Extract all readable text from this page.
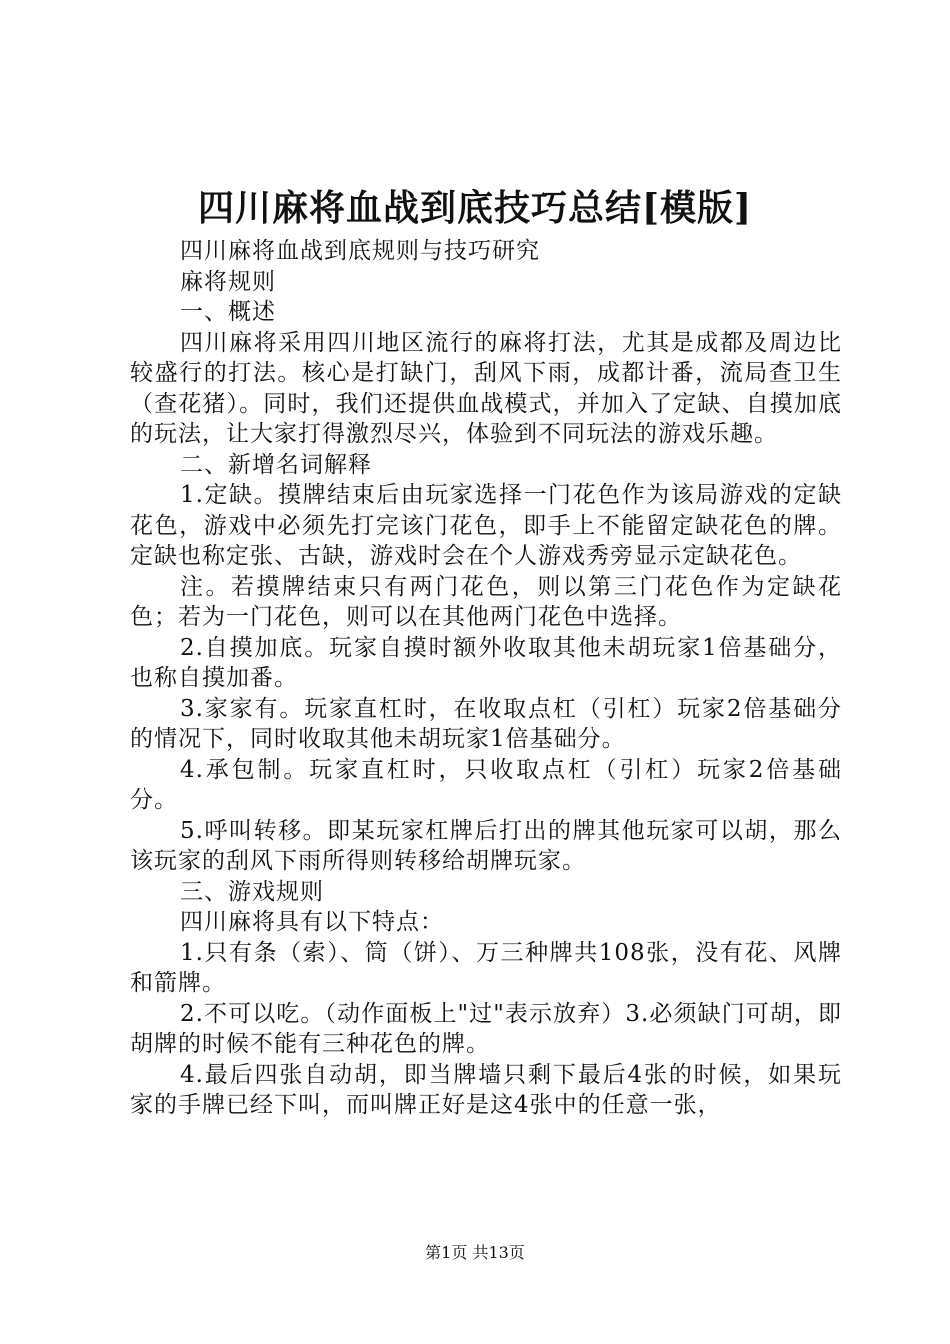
四川麻将血战到底技巧总结[模版]

四川麻将血战到底规则与技巧研究

麻将规则

一、概述

四川麻将采用四川地区流行的麻将打法，尤其是成都及周边比较盛行的打法。核心是打缺门，刮风下雨，成都计番，流局查卫生（查花猪）。同时，我们还提供血战模式，并加入了定缺、自摸加底的玩法，让大家打得激烈尽兴，体验到不同玩法的游戏乐趣。

二、新增名词解释

1.定缺。摸牌结束后由玩家选择一门花色作为该局游戏的定缺花色，游戏中必须先打完该门花色，即手上不能留定缺花色的牌。定缺也称定张、古缺，游戏时会在个人游戏秀旁显示定缺花色。

注。若摸牌结束只有两门花色，则以第三门花色作为定缺花色；若为一门花色，则可以在其他两门花色中选择。

2.自摸加底。玩家自摸时额外收取其他未胡玩家1倍基础分，也称自摸加番。

3.家家有。玩家直杠时，在收取点杠（引杠）玩家2倍基础分的情况下，同时收取其他未胡玩家1倍基础分。

4.承包制。玩家直杠时，只收取点杠（引杠）玩家2倍基础分。

5.呼叫转移。即某玩家杠牌后打出的牌其他玩家可以胡，那么该玩家的刮风下雨所得则转移给胡牌玩家。

三、游戏规则

四川麻将具有以下特点：

1.只有条（索）、筒（饼）、万三种牌共108张，没有花、风牌和箭牌。

2.不可以吃。（动作面板上"过"表示放弃）3.必须缺门可胡，即胡牌的时候不能有三种花色的牌。

4.最后四张自动胡，即当牌墙只剩下最后4张的时候，如果玩家的手牌已经下叫，而叫牌正好是这4张中的任意一张，

第1页 共13页
